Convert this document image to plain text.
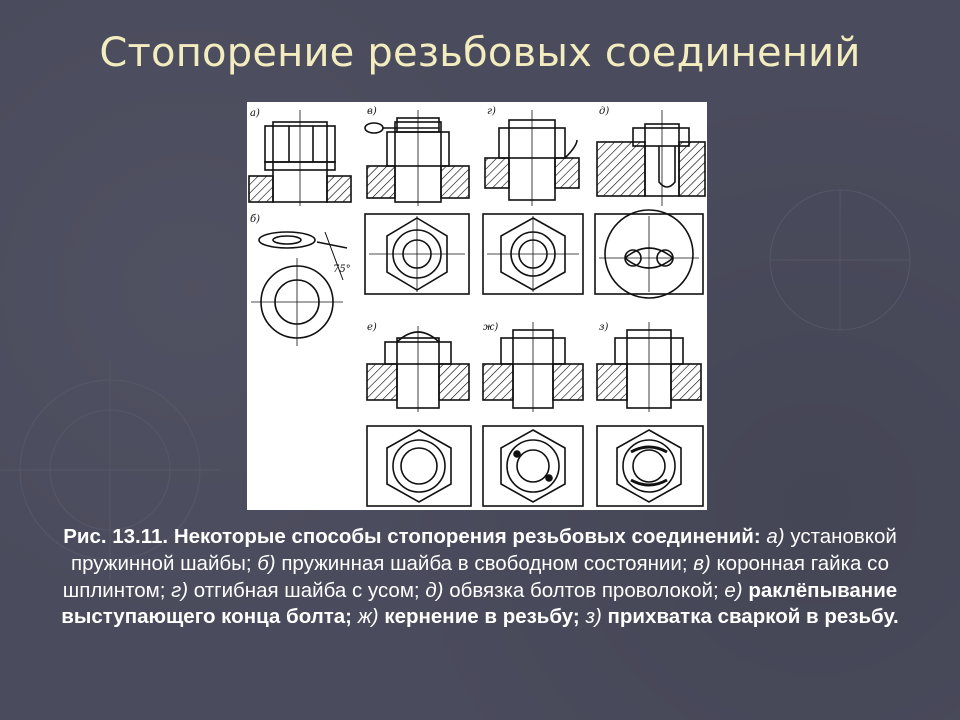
Стопорение резьбовых соединений
а)	в)	г)	д)
б)
е)	ж)	з)
75°
Рис. 13.11. Некоторые способы стопорения резьбовых соединений: а) установкой пружинной шайбы; б) пружинная шайба в свободном состоянии; в) коронная гайка со шплинтом; г) отгибная шайба с усом; д) обвязка болтов проволокой; е) раклёпывание выступающего конца болта; ж) кернение в резьбу; з) прихватка сваркой в резьбу.
